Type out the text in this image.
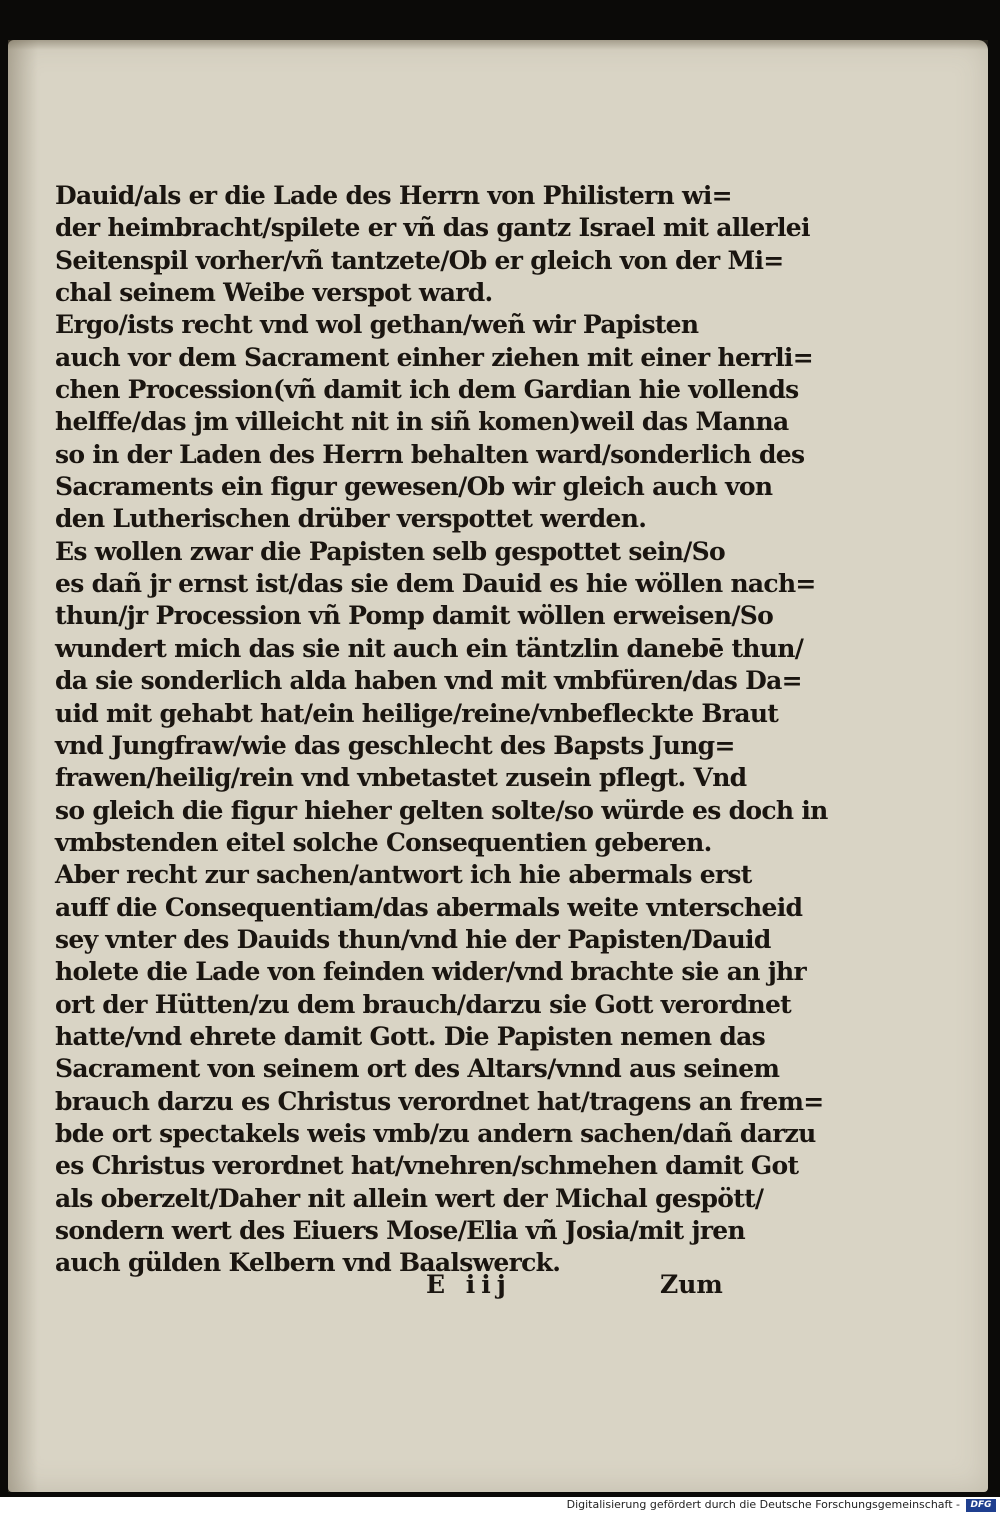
Dauid/als er die Lade des Herrn von Philistern wi=
der heimbracht/spilete er vñ das gantz Israel mit allerlei
Seitenspil vorher/vñ tantzete/Ob er gleich von der Mi=
chal seinem Weibe verspot ward.
Ergo/ists recht vnd wol gethan/weñ wir Papisten
auch vor dem Sacrament einher ziehen mit einer herrli=
chen Procession(vñ damit ich dem Gardian hie vollends
helffe/das jm villeicht nit in siñ komen)weil das Manna
so in der Laden des Herrn behalten ward/sonderlich des
Sacraments ein figur gewesen/Ob wir gleich auch von
den Lutherischen drüber verspottet werden.
Es wollen zwar die Papisten selb gespottet sein/So
es dañ jr ernst ist/das sie dem Dauid es hie wöllen nach=
thun/jr Procession vñ Pomp damit wöllen erweisen/So
wundert mich das sie nit auch ein täntzlin danebē thun/
da sie sonderlich alda haben vnd mit vmbfüren/das Da=
uid mit gehabt hat/ein heilige/reine/vnbefleckte Braut
vnd Jungfraw/wie das geschlecht des Bapsts Jung=
frawen/heilig/rein vnd vnbetastet zusein pflegt. Vnd
so gleich die figur hieher gelten solte/so würde es doch in
vmbstenden eitel solche Consequentien geberen.
Aber recht zur sachen/antwort ich hie abermals erst
auff die Consequentiam/das abermals weite vnterscheid
sey vnter des Dauids thun/vnd hie der Papisten/Dauid
holete die Lade von feinden wider/vnd brachte sie an jhr
ort der Hütten/zu dem brauch/darzu sie Gott verordnet
hatte/vnd ehrete damit Gott. Die Papisten nemen das
Sacrament von seinem ort des Altars/vnnd aus seinem
brauch darzu es Christus verordnet hat/tragens an frem=
bde ort spectakels weis vmb/zu andern sachen/dañ darzu
es Christus verordnet hat/vnehren/schmehen damit Got
als oberzelt/Daher nit allein wert der Michal gespött/
sondern wert des Eiuers Mose/Elia vñ Josia/mit jren
auch gülden Kelbern vnd Baalswerck.
E iij	Zum
Digitalisierung gefördert durch die Deutsche Forschungsgemeinschaft -	DFG
